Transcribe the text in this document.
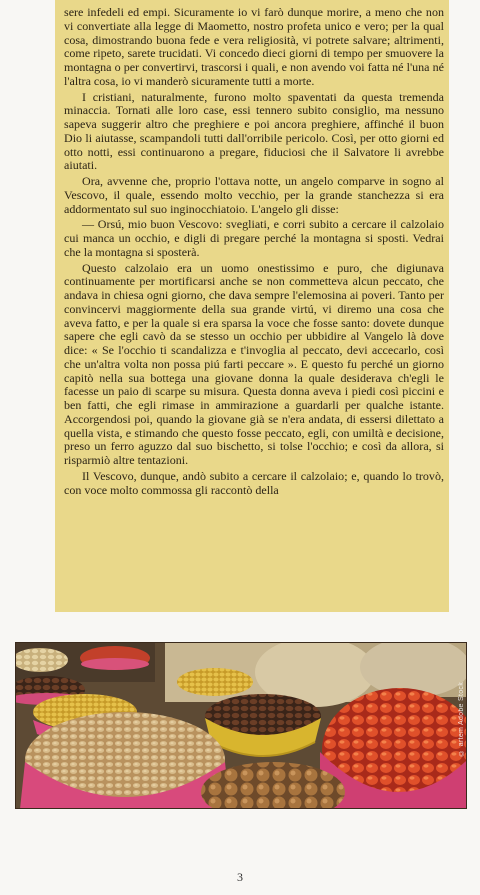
sere infedeli ed empi. Sicuramente io vi farò dunque morire, a meno che non vi convertiate alla legge di Maometto, nostro profeta unico e vero; per la qual cosa, dimostrando buona fede e vera religiosità, vi potrete salvare; altrimenti, come ripeto, sarete trucidati. Vi concedo dieci giorni di tempo per smuovere la montagna o per convertirvi, trascorsi i quali, e non avendo voi fatta né l'una né l'altra cosa, io vi manderò sicuramente tutti a morte.

I cristiani, naturalmente, furono molto spaventati da questa tremenda minaccia. Tornati alle loro case, essi tennero subito consiglio, ma nessuno sapeva suggerir altro che preghiere e poi ancora preghiere, affinché il buon Dio li aiutasse, scampandoli tutti dall'orribile pericolo. Così, per otto giorni ed otto notti, essi continuarono a pregare, fiduciosi che il Salvatore li avrebbe aiutati.

Ora, avvenne che, proprio l'ottava notte, un angelo comparve in sogno al Vescovo, il quale, essendo molto vecchio, per la grande stanchezza si era addormentato sul suo inginocchiatoio. L'angelo gli disse:

— Orsú, mio buon Vescovo: svegliati, e corri subito a cercare il calzolaio cui manca un occhio, e digli di pregare perché la montagna si sposti. Vedrai che la montagna si sposterà.

Questo calzolaio era un uomo onestissimo e puro, che digiunava continuamente per mortificarsi anche se non commetteva alcun peccato, che andava in chiesa ogni giorno, che dava sempre l'elemosina ai poveri. Tanto per convincervi maggiormente della sua grande virtú, vi diremo una cosa che aveva fatto, e per la quale si era sparsa la voce che fosse santo: dovete dunque sapere che egli cavò da se stesso un occhio per ubbidire al Vangelo là dove dice: « Se l'occhio ti scandalizza e t'invoglia al peccato, devi accecarlo, così che un'altra volta non possa piú farti peccare ». E questo fu perché un giorno capitò nella sua bottega una giovane donna la quale desiderava ch'egli le facesse un paio di scarpe su misura. Questa donna aveva i piedi così piccini e ben fatti, che egli rimase in ammirazione a guardarli per qualche istante. Accorgendosi poi, quando la giovane già se n'era andata, di essersi dilettato a quella vista, e stimando che questo fosse peccato, egli, con umiltà e decisione, preso un ferro aguzzo dal suo bischetto, si tolse l'occhio; e così da allora, si risparmiò altre tentazioni.

Il Vescovo, dunque, andò subito a cercare il calzolaio; e, quando lo trovò, con voce molto commossa gli raccontò della

© artem Adobe Stock
3
